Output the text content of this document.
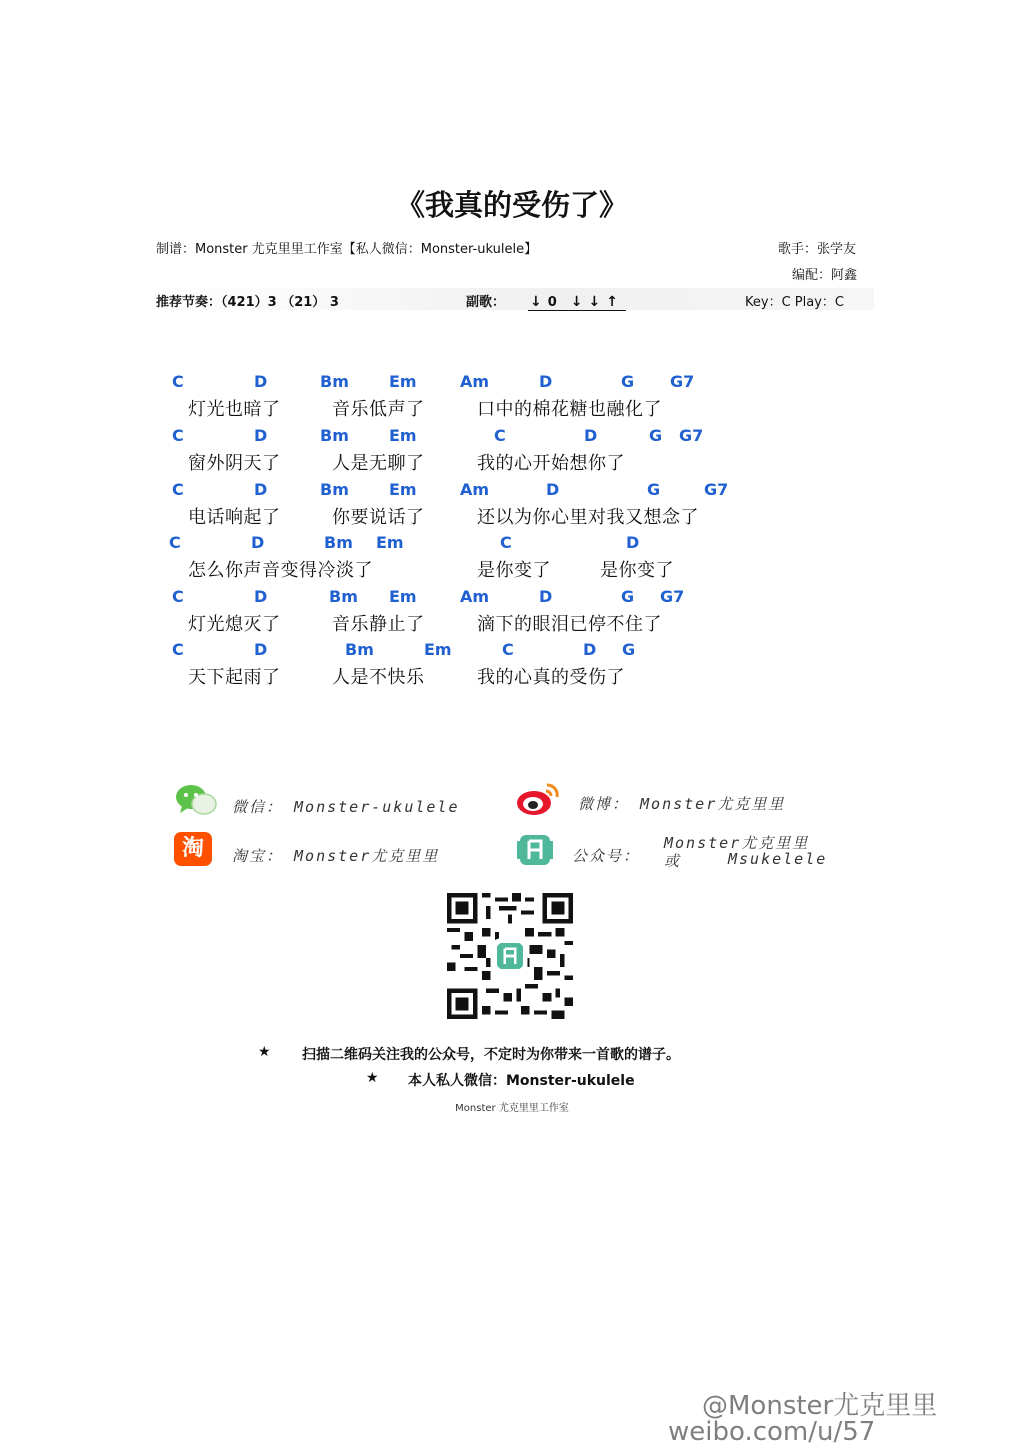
《我真的受伤了》
制谱：Monster 尤克里里工作室【私人微信：Monster-ukulele】	歌手：张学友
编配：阿鑫
推荐节奏：（421）3 （21） 3	副歌： ↓ 0 ↓ ↓ ↑	Key：C Play：C
C	D	Bm	Em	Am	D	G G7
灯光也暗了	音乐低声了	口中的棉花糖也融化了
C	D	Bm	Em	C	D	G G7
窗外阴天了	人是无聊了	我的心开始想你了
C	D	Bm	Em	Am	D	G	G7
电话响起了	你要说话了	还以为你心里对我又想念了
C	D	Bm Em	C	D
怎么你声音变得冷淡了	是你变了	是你变了
C	D	Bm Em	Am	D	G G7
灯光熄灭了	音乐静止了	滴下的眼泪已停不住了
C	D	Bm	Em	C	D G
天下起雨了	人是不快乐	我的心真的受伤了
微信： Monster-ukulele	微博： Monster尤克里里
淘	淘宝： Monster尤克里里	公众号：
Monster尤克里里
或	Msukelele
★ 扫描二维码关注我的公众号，不定时为你带来一首歌的谱子。
★ 本人私人微信：Monster-ukulele
Monster 尤克里里工作室
@Monster尤克里里
weibo.com/u/57
